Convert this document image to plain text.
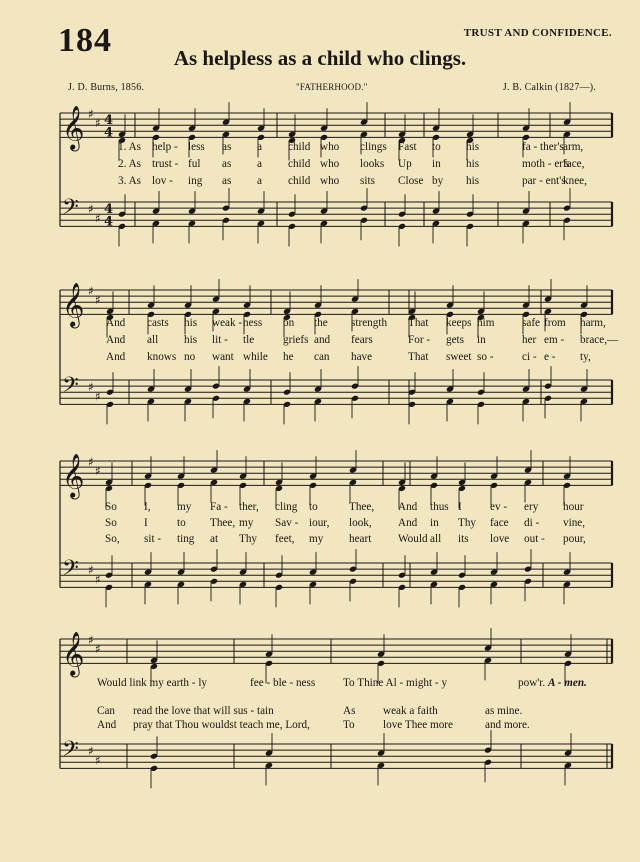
184	TRUST AND CONFIDENCE.
As helpless as a child who clings.
J. D. Burns, 1856.	"FATHERHOOD."	J. B. Calkin (1827—).
𝄞 ♯
♯ 4
4
𝄢 ♯
♯
4
4
𝄞 ♯
♯
𝄢 ♯
♯
𝄞 ♯
♯
𝄢 ♯
♯
𝄞 ♯
♯
𝄢 ♯
♯
1. As help - less as a child who clings Fast to his	fa - ther's arm,
2. As trust - ful as a child who looks Up in his	moth - er's
face,
3. As lov - ing as a child who sits Close by his	par - ent's
knee,
And casts his weak - ness on the strength That keeps him safe from harm,
And all his lit - tle	griefs and fears	For - gets in	her em - brace,—
And knows no want while he can have	That sweet so -	ci - e - ty,
So I, my Fa - ther, cling to	Thee, And thus I	ev - ery hour
So I	to Thee, my Sav - iour, look, And in Thy face di - vine,
So, sit - ting at Thy feet, my heart Would all its love out - pour,
Would link my earth - ly	fee - ble - ness To Thine Al - might - y	pow'r. A - men.
Can read the love that will sus - tain	As weak a faith	as mine.
And pray that Thou wouldst teach me, Lord,	To	love Thee more	and more.
